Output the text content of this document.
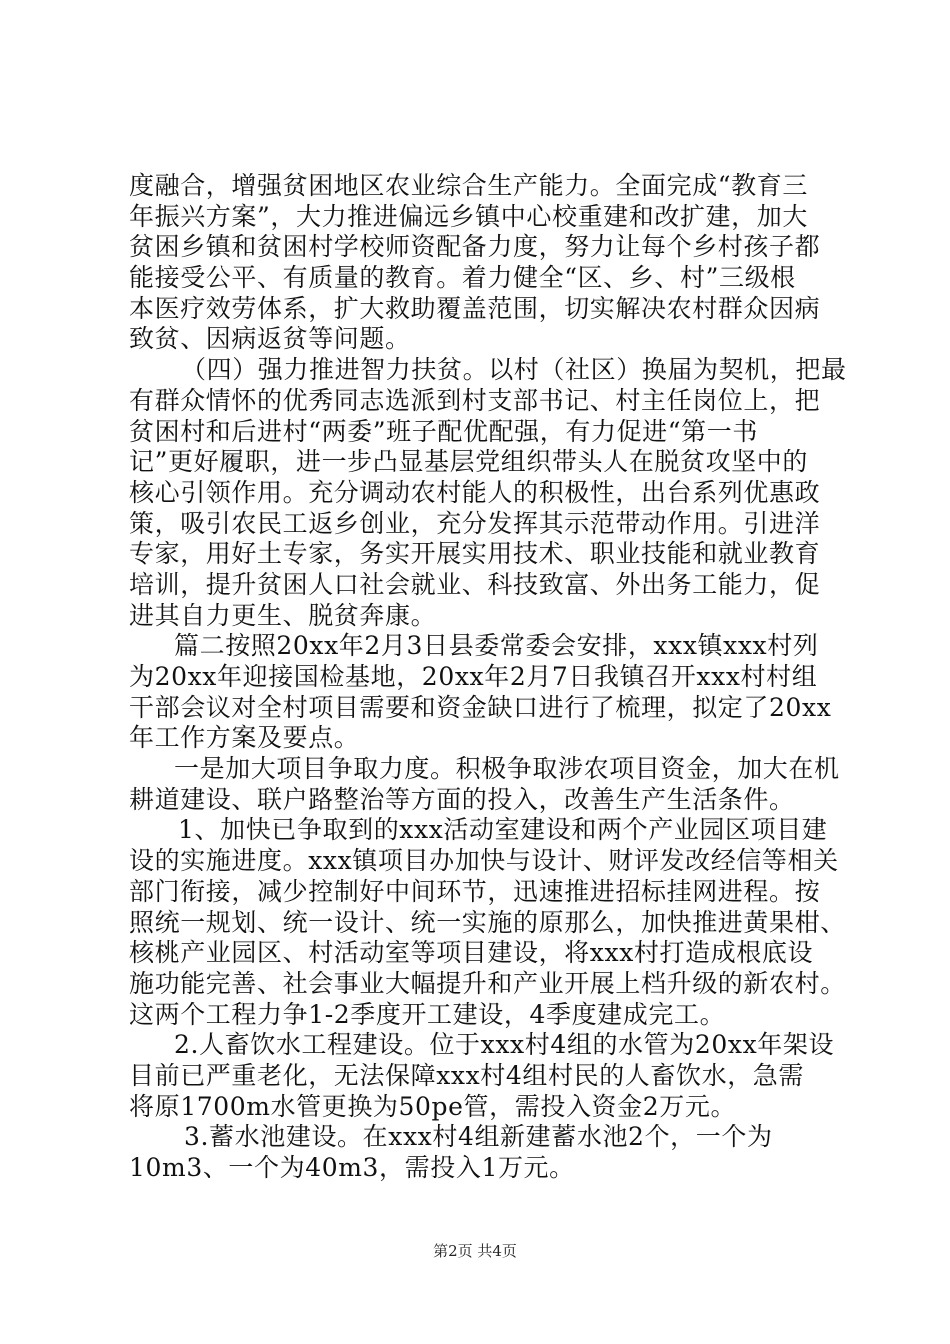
度融合，增强贫困地区农业综合生产能力。全面完成“教育三
年振兴方案”，大力推进偏远乡镇中心校重建和改扩建，加大
贫困乡镇和贫困村学校师资配备力度，努力让每个乡村孩子都
能接受公平、有质量的教育。着力健全“区、乡、村”三级根
本医疗效劳体系，扩大救助覆盖范围，切实解决农村群众因病
致贫、因病返贫等问题。
（四）强力推进智力扶贫。以村（社区）换届为契机，把最
有群众情怀的优秀同志选派到村支部书记、村主任岗位上，把
贫困村和后进村“两委”班子配优配强，有力促进“第一书
记”更好履职，进一步凸显基层党组织带头人在脱贫攻坚中的
核心引领作用。充分调动农村能人的积极性，出台系列优惠政
策，吸引农民工返乡创业，充分发挥其示范带动作用。引进洋
专家，用好土专家，务实开展实用技术、职业技能和就业教育
培训，提升贫困人口社会就业、科技致富、外出务工能力，促
进其自力更生、脱贫奔康。
篇二按照20xx年2月3日县委常委会安排，xxx镇xxx村列
为20xx年迎接国检基地，20xx年2月7日我镇召开xxx村村组
干部会议对全村项目需要和资金缺口进行了梳理，拟定了20xx
年工作方案及要点。
一是加大项目争取力度。积极争取涉农项目资金，加大在机
耕道建设、联户路整治等方面的投入，改善生产生活条件。
1、加快已争取到的xxx活动室建设和两个产业园区项目建
设的实施进度。xxx镇项目办加快与设计、财评发改经信等相关
部门衔接，减少控制好中间环节，迅速推进招标挂网进程。按
照统一规划、统一设计、统一实施的原那么，加快推进黄果柑、
核桃产业园区、村活动室等项目建设，将xxx村打造成根底设
施功能完善、社会事业大幅提升和产业开展上档升级的新农村。
这两个工程力争1-2季度开工建设，4季度建成完工。
2.人畜饮水工程建设。位于xxx村4组的水管为20xx年架设
目前已严重老化，无法保障xxx村4组村民的人畜饮水，急需
将原1700m水管更换为50pe管，需投入资金2万元。
3.蓄水池建设。在xxx村4组新建蓄水池2个，一个为
10m3、一个为40m3，需投入1万元。
第2页 共4页
